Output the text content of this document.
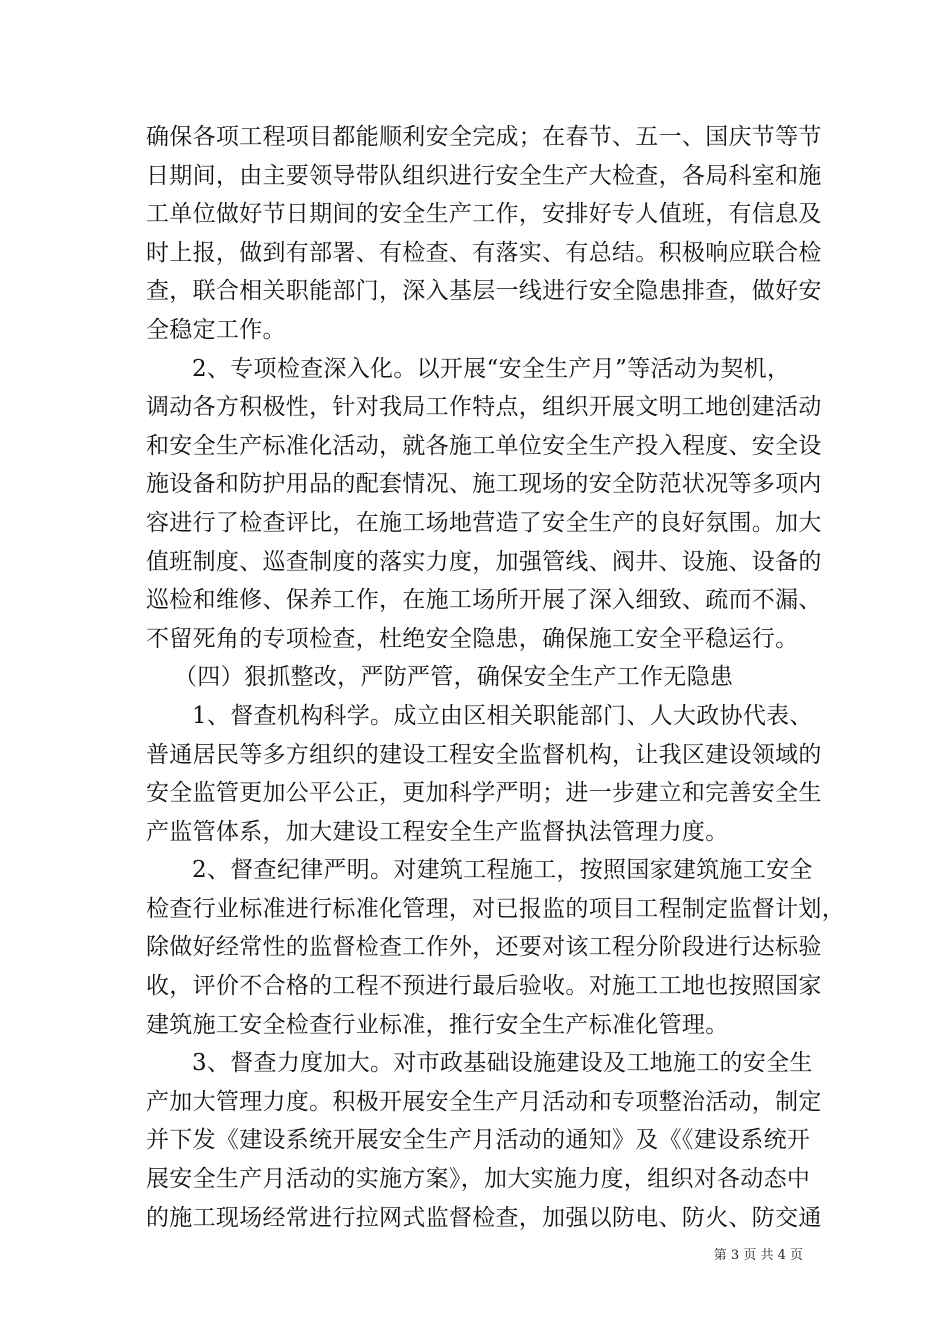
确保各项工程项目都能顺利安全完成；在春节、五一、国庆节等节
日期间，由主要领导带队组织进行安全生产大检查，各局科室和施
工单位做好节日期间的安全生产工作，安排好专人值班，有信息及
时上报，做到有部署、有检查、有落实、有总结。积极响应联合检
查，联合相关职能部门，深入基层一线进行安全隐患排查，做好安
全稳定工作。
2、专项检查深入化。以开展“安全生产月”等活动为契机，
调动各方积极性，针对我局工作特点，组织开展文明工地创建活动
和安全生产标准化活动，就各施工单位安全生产投入程度、安全设
施设备和防护用品的配套情况、施工现场的安全防范状况等多项内
容进行了检查评比，在施工场地营造了安全生产的良好氛围。加大
值班制度、巡查制度的落实力度，加强管线、阀井、设施、设备的
巡检和维修、保养工作，在施工场所开展了深入细致、疏而不漏、
不留死角的专项检查，杜绝安全隐患，确保施工安全平稳运行。
（四）狠抓整改，严防严管，确保安全生产工作无隐患
1、督查机构科学。成立由区相关职能部门、人大政协代表、
普通居民等多方组织的建设工程安全监督机构，让我区建设领域的
安全监管更加公平公正，更加科学严明；进一步建立和完善安全生
产监管体系，加大建设工程安全生产监督执法管理力度。
2、督查纪律严明。对建筑工程施工，按照国家建筑施工安全
检查行业标准进行标准化管理，对已报监的项目工程制定监督计划，
除做好经常性的监督检查工作外，还要对该工程分阶段进行达标验
收，评价不合格的工程不预进行最后验收。对施工工地也按照国家
建筑施工安全检查行业标准，推行安全生产标准化管理。
3、督查力度加大。对市政基础设施建设及工地施工的安全生
产加大管理力度。积极开展安全生产月活动和专项整治活动，制定
并下发《建设系统开展安全生产月活动的通知》及《《建设系统开
展安全生产月活动的实施方案》，加大实施力度，组织对各动态中
的施工现场经常进行拉网式监督检查，加强以防电、防火、防交通
第 3 页 共 4 页
